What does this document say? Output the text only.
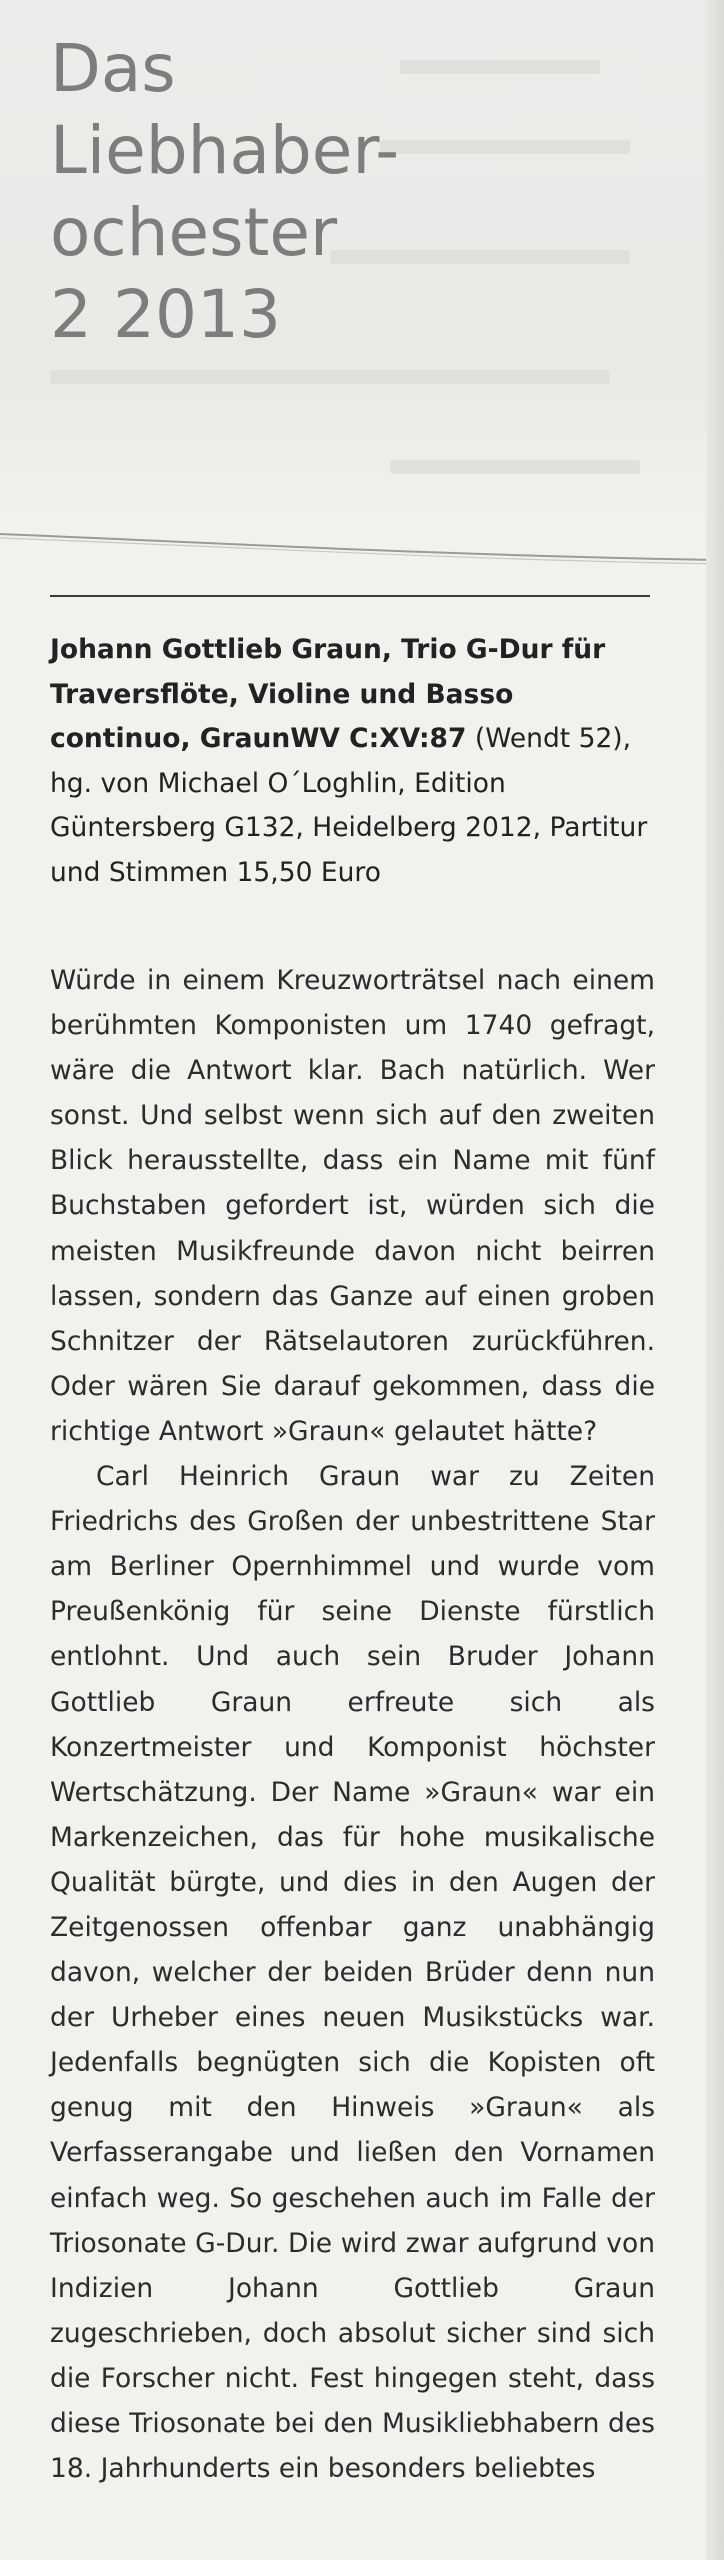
Das
Liebhaber-
ochester
2 2013
Johann Gottlieb Graun, Trio G-Dur für Traversflöte, Violine und Basso continuo, GraunWV C:XV:87 (Wendt 52), hg. von Michael O´Loghlin, Edition Güntersberg G132, Heidelberg 2012, Partitur und Stimmen 15,50 Euro

Würde in einem Kreuzworträtsel nach einem berühmten Komponisten um 1740 gefragt, wäre die Antwort klar. Bach natürlich. Wer sonst. Und selbst wenn sich auf den zweiten Blick herausstellte, dass ein Name mit fünf Buchstaben gefordert ist, würden sich die meisten Musikfreunde davon nicht beirren lassen, sondern das Ganze auf einen groben Schnitzer der Rätselautoren zurückführen. Oder wären Sie darauf gekommen, dass die richtige Antwort »Graun« gelautet hätte?

Carl Heinrich Graun war zu Zeiten Friedrichs des Großen der unbestrittene Star am Berliner Opernhimmel und wurde vom Preußenkönig für seine Dienste fürstlich entlohnt. Und auch sein Bruder Johann Gottlieb Graun erfreute sich als Konzertmeister und Komponist höchster Wertschätzung. Der Name »Graun« war ein Markenzeichen, das für hohe musikalische Qualität bürgte, und dies in den Augen der Zeitgenossen offenbar ganz unabhängig davon, welcher der beiden Brüder denn nun der Urheber eines neuen Musikstücks war. Jedenfalls begnügten sich die Kopisten oft genug mit den Hinweis »Graun« als Verfasserangabe und ließen den Vornamen einfach weg. So geschehen auch im Falle der Triosonate G-Dur. Die wird zwar aufgrund von Indizien Johann Gottlieb Graun zugeschrieben, doch absolut sicher sind sich die Forscher nicht. Fest hingegen steht, dass diese Triosonate bei den Musikliebhabern des 18. Jahrhunderts ein besonders beliebtes
